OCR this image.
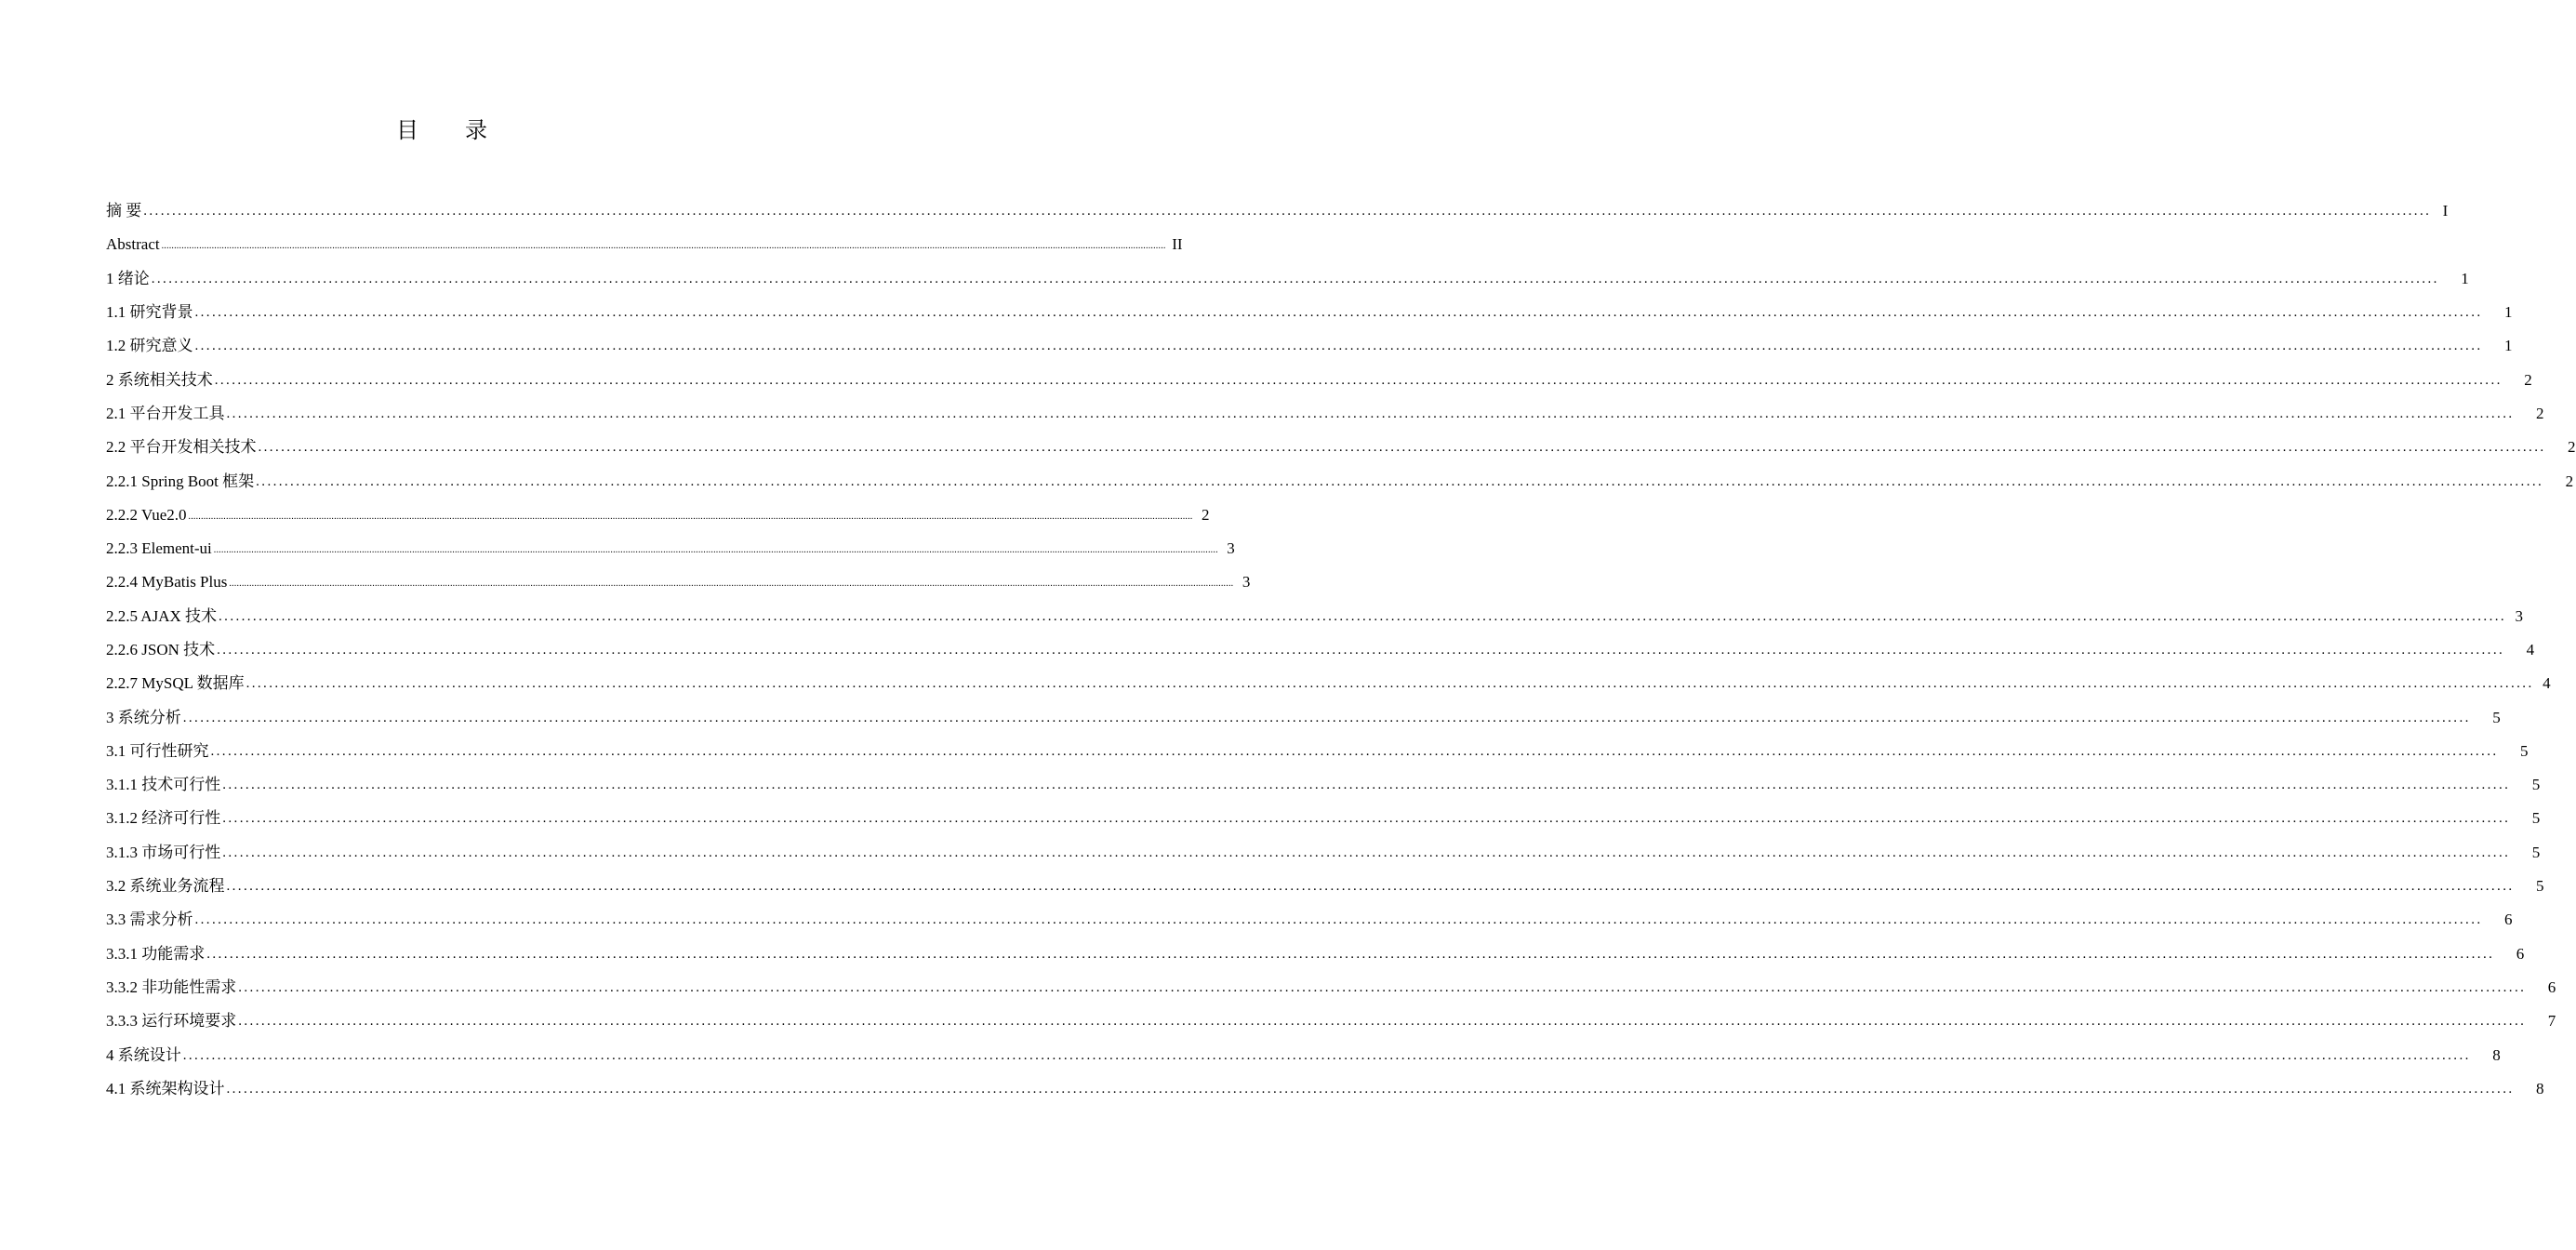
目 录
摘 要 ................................................................................................................................................................................................................................................................................................................................................................................................................ I
Abstract ................................................................................................................................................................................................................................................................................................................................................................................................................ II
1 绪论 ................................................................................................................................................................................................................................................................................................................................................................................................................	1
1.1 研究背景 ................................................................................................................................................................................................................................................................................................................................................................................................................	1
1.2 研究意义 ................................................................................................................................................................................................................................................................................................................................................................................................................	1
2 系统相关技术 ................................................................................................................................................................................................................................................................................................................................................................................................................	2
2.1 平台开发工具 ................................................................................................................................................................................................................................................................................................................................................................................................................	2
2.2 平台开发相关技术 ................................................................................................................................................................................................................................................................................................................................................................................................................	2
2.2.1 Spring Boot 框架 ................................................................................................................................................................................................................................................................................................................................................................................................................	2
2.2.2 Vue2.0 ................................................................................................................................................................................................................................................................................................................................................................................................................ 2
2.2.3 Element-ui ................................................................................................................................................................................................................................................................................................................................................................................................................ 3
2.2.4 MyBatis Plus ................................................................................................................................................................................................................................................................................................................................................................................................................ 3
2.2.5 AJAX 技术 ................................................................................................................................................................................................................................................................................................................................................................................................................ 3
2.2.6 JSON 技术 ................................................................................................................................................................................................................................................................................................................................................................................................................	4
2.2.7 MySQL 数据库 ................................................................................................................................................................................................................................................................................................................................................................................................................ 4
3 系统分析 ................................................................................................................................................................................................................................................................................................................................................................................................................	5
3.1 可行性研究 ................................................................................................................................................................................................................................................................................................................................................................................................................	5
3.1.1 技术可行性 ................................................................................................................................................................................................................................................................................................................................................................................................................	5
3.1.2 经济可行性 ................................................................................................................................................................................................................................................................................................................................................................................................................	5
3.1.3 市场可行性 ................................................................................................................................................................................................................................................................................................................................................................................................................	5
3.2 系统业务流程 ................................................................................................................................................................................................................................................................................................................................................................................................................	5
3.3 需求分析 ................................................................................................................................................................................................................................................................................................................................................................................................................	6
3.3.1 功能需求 ................................................................................................................................................................................................................................................................................................................................................................................................................	6
3.3.2 非功能性需求 ................................................................................................................................................................................................................................................................................................................................................................................................................	6
3.3.3 运行环境要求 ................................................................................................................................................................................................................................................................................................................................................................................................................	7
4 系统设计 ................................................................................................................................................................................................................................................................................................................................................................................................................	8
4.1 系统架构设计 ................................................................................................................................................................................................................................................................................................................................................................................................................	8
